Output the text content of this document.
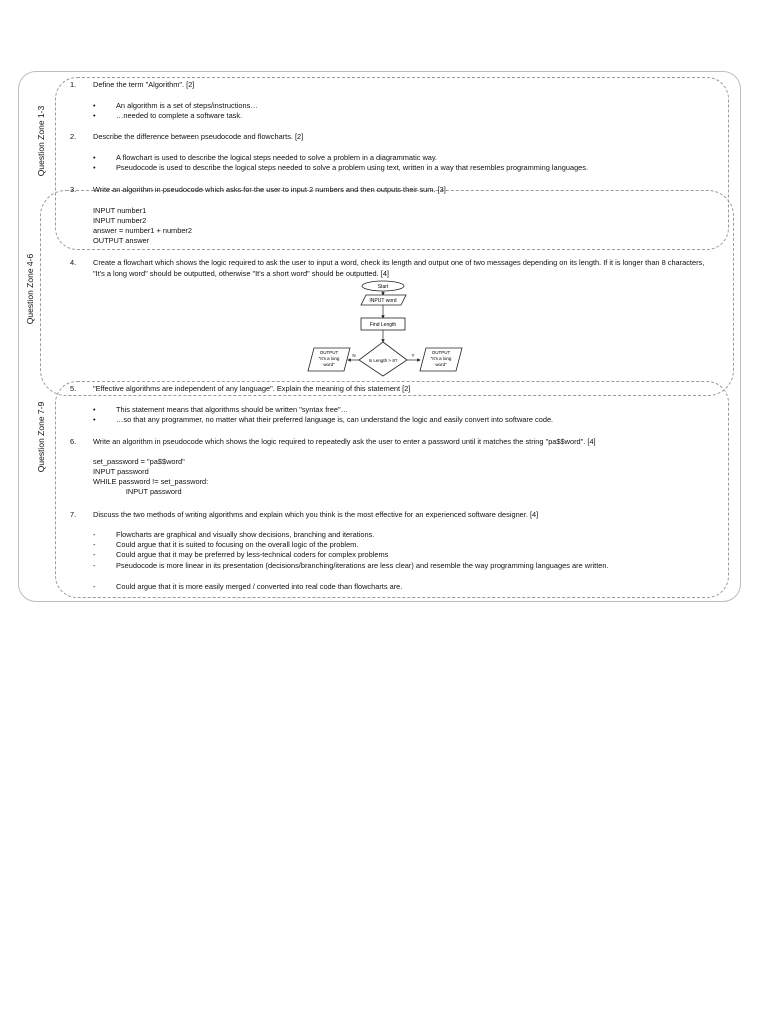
Question Zone 1-3
Question Zone 4-6
Question Zone 7-9
1. Define the term "Algorithm". [2]
•	An algorithm is a set of steps/instructions…
•	…needed to complete a software task.
2. Describe the difference between pseudocode and flowcharts. [2]
•	A flowchart is used to describe the logical steps needed to solve a problem in a diagrammatic way.
•	Pseudocode is used to describe the logical steps needed to solve a problem using text, written in a way that resembles programming languages.
3. Write an algorithm in pseudocode which asks for the user to input 2 numbers and then outputs their sum. [3]
INPUT number1
INPUT number2
answer = number1 + number2
OUTPUT answer
4. Create a flowchart which shows the logic required to ask the user to input a word, check its length and output one of two messages depending on its length. If it is longer than 8 characters, "It's a long word" should be outputted, otherwise "It's a short word" should be outputted. [4]
Start
INPUT word
Find Length
Is Length > 8?
N	Y
OUTPUT
"It's a long
word"
OUTPUT
"It's a long
word"
5. "Effective algorithms are independent of any language". Explain the meaning of this statement [2]
•	This statement means that algorithms should be written "syntax free"…
•	…so that any programmer, no matter what their preferred language is, can understand the logic and easily convert into software code.
6. Write an algorithm in pseudocode which shows the logic required to repeatedly ask the user to enter a password until it matches the string "pa$$word". [4]
set_password = "pa$$word"
INPUT password
WHILE password != set_password:
INPUT password
7. Discuss the two methods of writing algorithms and explain which you think is the most effective for an experienced software designer. [4]
-	Flowcharts are graphical and visually show decisions, branching and iterations.
-	Could argue that it is suited to focusing on the overall logic of the problem.
-	Could argue that it may be preferred by less-technical coders for complex problems
-	Pseudocode is more linear in its presentation (decisions/branching/iterations are less clear) and resemble the way programming languages are written.
-	Could argue that it is more easily merged / converted into real code than flowcharts are.
